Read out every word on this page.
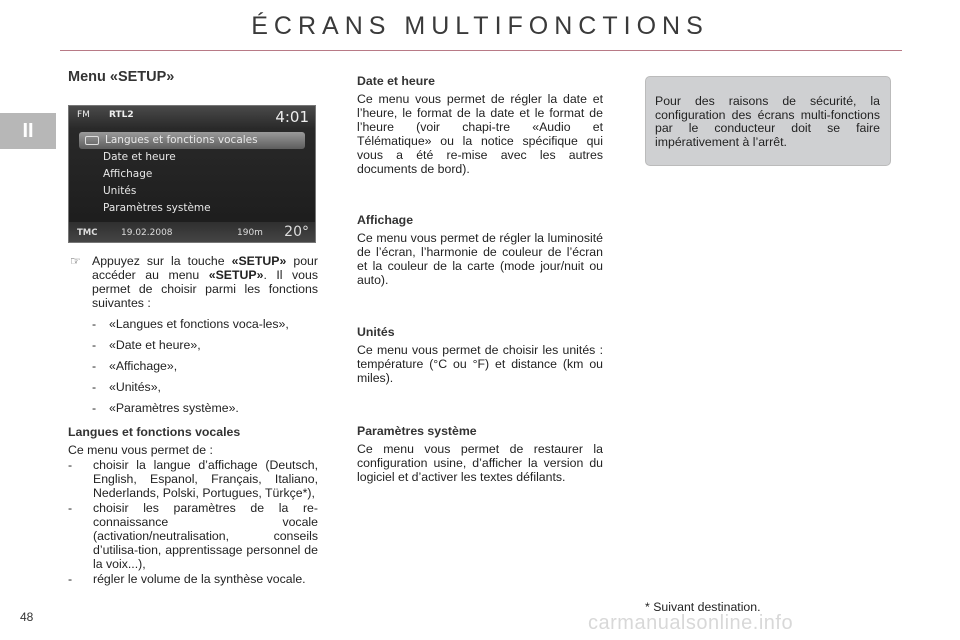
ÉCRANS MULTIFONCTIONS
II
48
Menu «SETUP»
FM RTL2	4:01
Langues et fonctions vocales
Date et heure
Affichage
Unités
Paramètres système
TMC	19.02.2008	190m 20°
☞ Appuyez sur la touche «SETUP» pour accéder au menu «SETUP». Il vous permet de choisir parmi les fonctions suivantes :

- «Langues et fonctions voca-les»,
- «Date et heure»,
- «Affichage»,
- «Unités»,
- «Paramètres système».
Langues et fonctions vocales

Ce menu vous permet de :

- choisir la langue d’affichage (Deutsch, English, Espanol, Français, Italiano, Nederlands, Polski, Portugues, Türkçe*),
- choisir les paramètres de la re-connaissance vocale (activation/neutralisation, conseils d’utilisa-tion, apprentissage personnel de la voix...),
- régler le volume de la synthèse vocale.
Date et heure

Ce menu vous permet de régler la date et l’heure, le format de la date et le format de l’heure (voir chapi-tre «Audio et Télématique» ou la notice spécifique qui vous a été re-mise avec les autres documents de bord).

Affichage

Ce menu vous permet de régler la luminosité de l’écran, l’harmonie de couleur de l’écran et la couleur de la carte (mode jour/nuit ou auto).

Unités

Ce menu vous permet de choisir les unités : température (°C ou °F) et distance (km ou miles).

Paramètres système

Ce menu vous permet de restaurer la configuration usine, d’afficher la version du logiciel et d’activer les textes défilants.

Pour des raisons de sécurité, la configuration des écrans multi-fonctions par le conducteur doit se faire impérativement à l’arrêt.
* Suivant destination.
carmanualsonline.info
